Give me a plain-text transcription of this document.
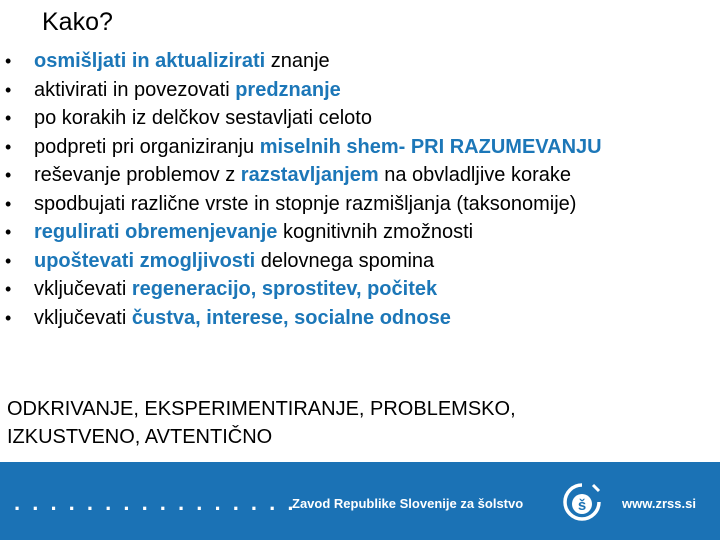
Kako?
• osmišljati in aktualizirati znanje
• aktivirati in povezovati predznanje
• po korakih iz delčkov sestavljati celoto
• podpreti pri organiziranju miselnih shem- PRI RAZUMEVANJU
• reševanje problemov z razstavljanjem na obvladljive korake
• spodbujati različne vrste in stopnje razmišljanja (taksonomije)
• regulirati obremenjevanje kognitivnih zmožnosti
• upoštevati zmogljivosti delovnega spomina
• vključevati regeneracijo, sprostitev, počitek
• vključevati čustva, interese, socialne odnose
ODKRIVANJE, EKSPERIMENTIRANJE, PROBLEMSKO,
IZKUSTVENO, AVTENTIČNO
. . . . . . . . . . . . . . . .
Zavod Republike Slovenije za šolstvo	š	www.zrss.si
